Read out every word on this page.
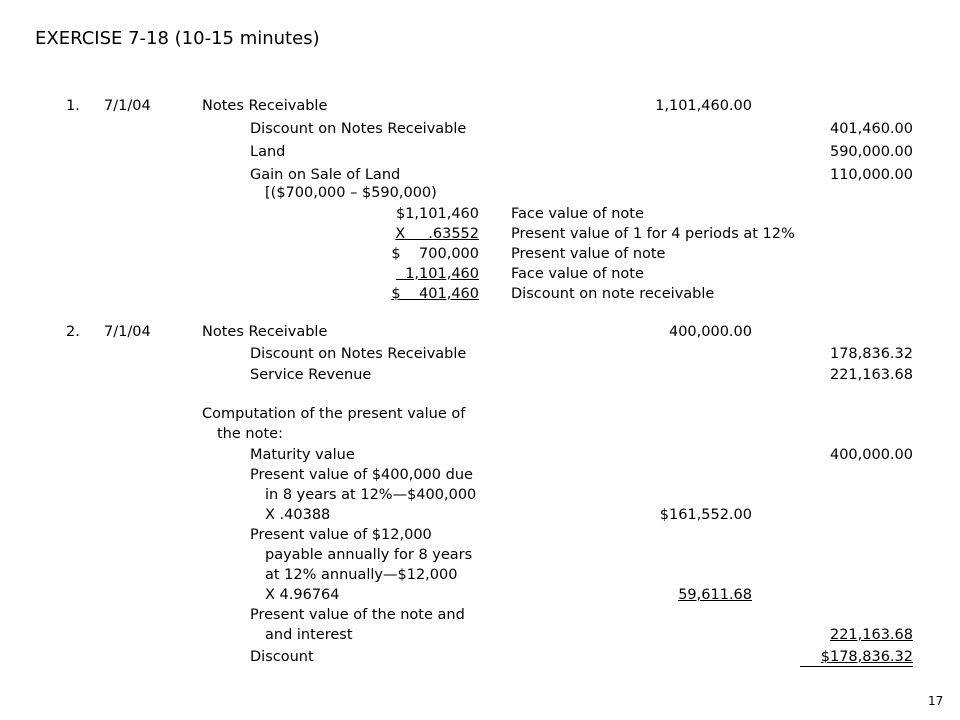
EXERCISE 7-18 (10-15 minutes)
1. 7/1/04	Notes Receivable	1,101,460.00
Discount on Notes Receivable	401,460.00
Land	590,000.00
Gain on Sale of Land	110,000.00
[($700,000 – $590,000)
$1,101,460 Face value of note
X     .63552 Present value of 1 for 4 periods at 12%
$    700,000 Present value of note
1,101,460 Face value of note
$    401,460 Discount on note receivable
2. 7/1/04	Notes Receivable	400,000.00
Discount on Notes Receivable	178,836.32
Service Revenue	221,163.68
Computation of the present value of
the note:
Maturity value	400,000.00
Present value of $400,000 due
in 8 years at 12%—$400,000
X .40388	$161,552.00
Present value of $12,000
payable annually for 8 years
at 12% annually—$12,000
X 4.96764	59,611.68
Present value of the note and
and interest	221,163.68
Discount	$178,836.32
17
